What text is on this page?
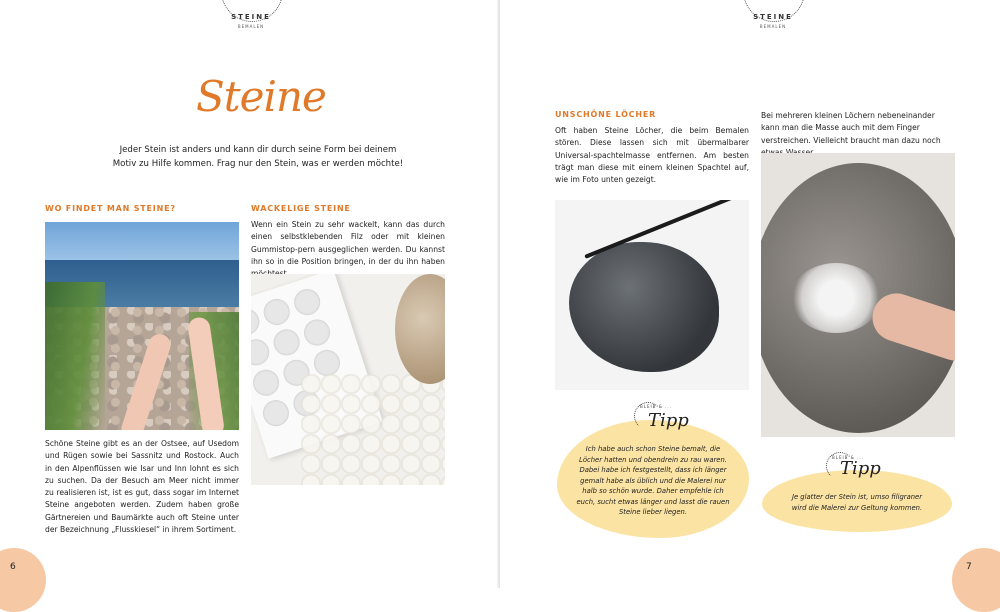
STEINE
BEMALEN
Steine
Jeder Stein ist anders und kann dir durch seine Form bei deinem Motiv zu Hilfe kommen. Frag nur den Stein, was er werden möchte!
WO FINDET MAN STEINE?
Schöne Steine gibt es an der Ostsee, auf Usedom und Rügen sowie bei Sassnitz und Rostock. Auch in den Alpenflüssen wie Isar und Inn lohnt es sich zu suchen. Da der Besuch am Meer nicht immer zu realisieren ist, ist es gut, dass sogar im Internet Steine angeboten werden. Zudem haben große Gärtnereien und Baumärkte auch oft Steine unter der Bezeichnung „Flusskiesel“ in ihrem Sortiment.
WACKELIGE STEINE
Wenn ein Stein zu sehr wackelt, kann das durch einen selbstklebenden Filz oder mit kleinen Gummistop-pern ausgeglichen werden. Du kannst ihn so in die Position bringen, in der du ihn haben
6
STEINE
BEMALEN
UNSCHÖNE LÖCHER
Oft haben Steine Löcher, die beim Bemalen stören. Diese lassen sich mit übermalbarer Universal-spachtelmasse entfernen. Am besten trägt man diese mit einem kleinen Spachtel auf, wie im Foto unten gezeigt.
Bei mehreren kleinen Löchern nebeneinander kann man die Masse auch mit dem Finger verstreichen. Vielleicht braucht man dazu noch
BLEIB & ...
Tipp
Ich habe auch schon Steine bemalt, die Löcher hatten und obendrein zu rau waren. Dabei habe ich festgestellt, dass ich länger gemalt habe als üblich und die Malerei nur halb so schön wurde. Daher empfehle ich euch, sucht etwas länger und lasst die rauen Steine lieber liegen.
BLEIB & ...
Tipp
Je glatter der Stein ist, umso filigraner wird die Malerei zur Geltung kommen.
7
